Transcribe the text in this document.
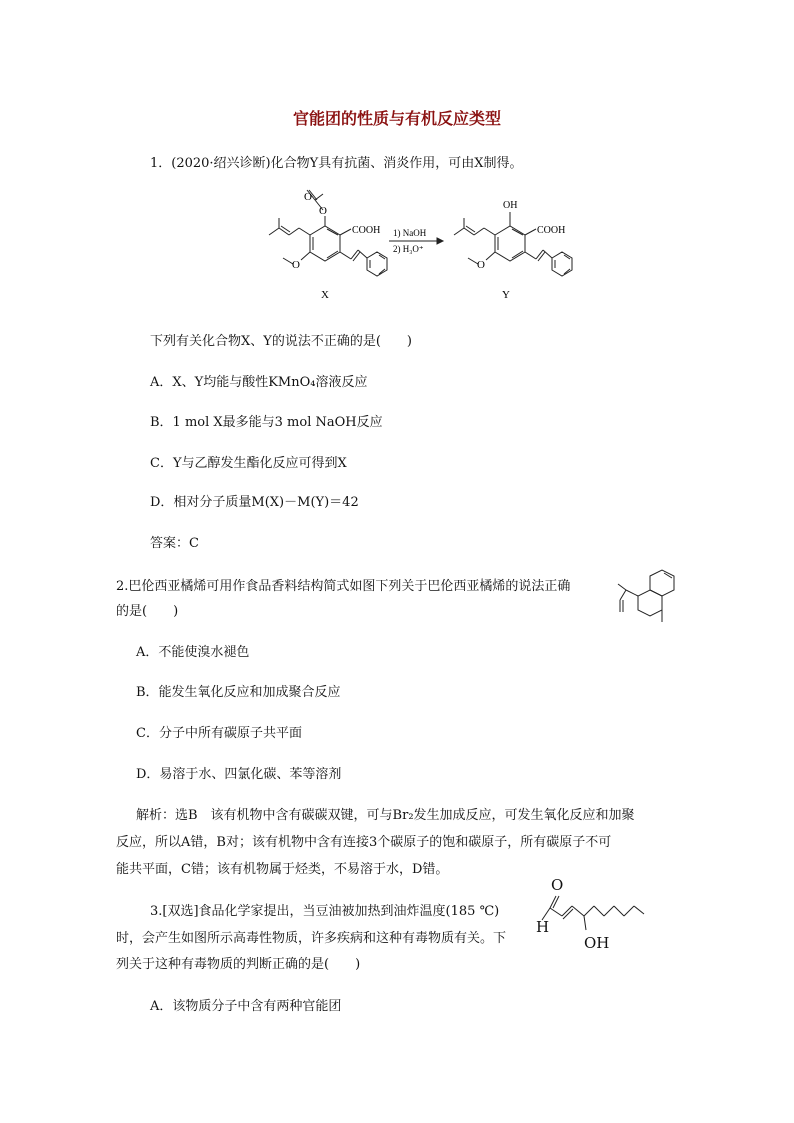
官能团的性质与有机反应类型
1．(2020·绍兴诊断)化合物Y具有抗菌、消炎作用，可由X制得。
O
O
COOH
O
X
1) NaOH
2) H₃O⁺
OH
COOH
O
Y
下列有关化合物X、Y的说法不正确的是(　　)
A．X、Y均能与酸性KMnO₄溶液反应
B．1 mol X最多能与3 mol NaOH反应
C．Y与乙醇发生酯化反应可得到X
D．相对分子质量M(X)－M(Y)＝42
答案：C
2.巴伦西亚橘烯可用作食品香料结构简式如图下列关于巴伦西亚橘烯的说法正确
的是(　　)
A．不能使溴水褪色
B．能发生氧化反应和加成聚合反应
C．分子中所有碳原子共平面
D．易溶于水、四氯化碳、苯等溶剂
解析：选B　该有机物中含有碳碳双键，可与Br₂发生加成反应，可发生氧化反应和加聚
反应，所以A错，B对；该有机物中含有连接3个碳原子的饱和碳原子，所有碳原子不可
能共平面，C错；该有机物属于烃类，不易溶于水，D错。
3.[双选]食品化学家提出，当豆油被加热到油炸温度(185 ℃)
时，会产生如图所示高毒性物质，许多疾病和这种有毒物质有关。下
列关于这种有毒物质的判断正确的是(　　)
O
H
OH
A．该物质分子中含有两种官能团
